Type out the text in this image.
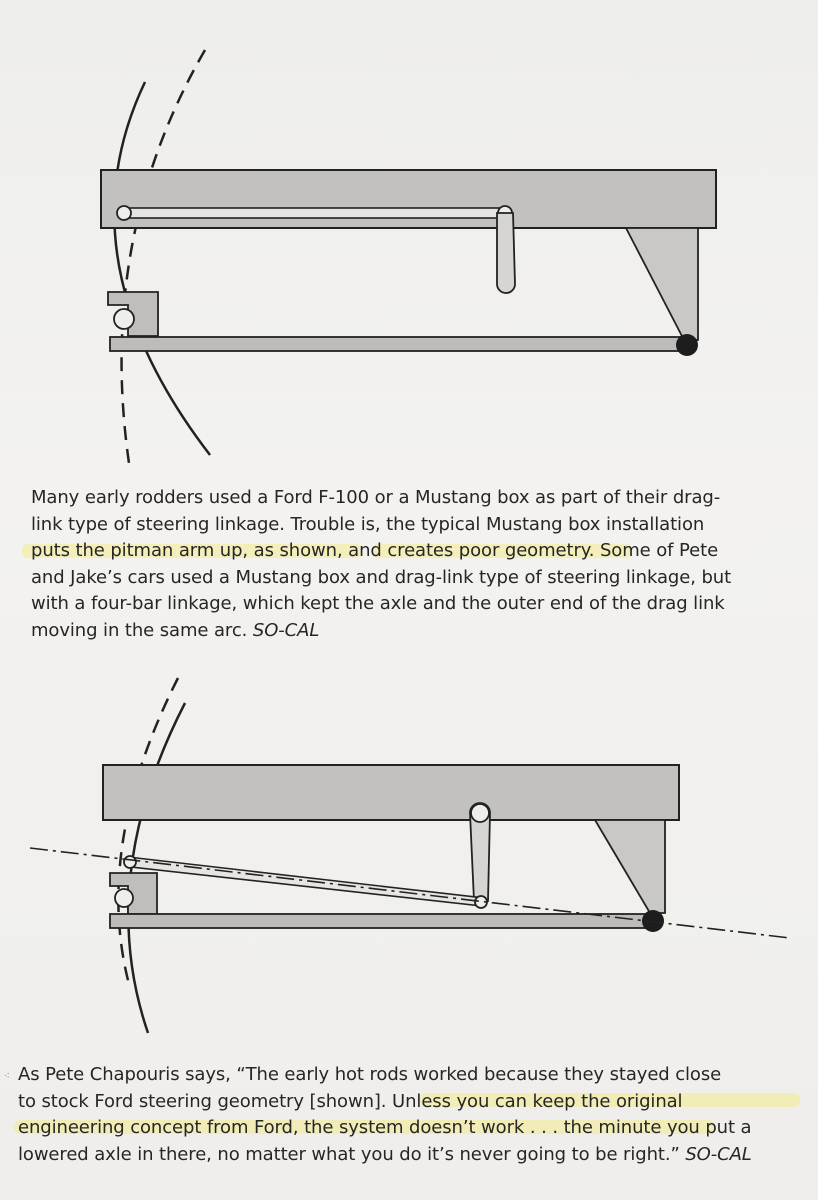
Many early rodders used a Ford F-100 or a Mustang box as part of their drag-
link type of steering linkage. Trouble is, the typical Mustang box installation
puts the pitman arm up, as shown, and creates poor geometry. Some of Pete
and Jake’s cars used a Mustang box and drag-link type of steering linkage, but
with a four-bar linkage, which kept the axle and the outer end of the drag link
moving in the same arc. SO-CAL

⁖ As Pete Chapouris says, “The early hot rods worked because they stayed close
to stock Ford steering geometry [shown]. Unless you can keep the original
engineering concept from Ford, the system doesn’t work . . . the minute you put a
lowered axle in there, no matter what you do it’s never going to be right.” SO-CAL
